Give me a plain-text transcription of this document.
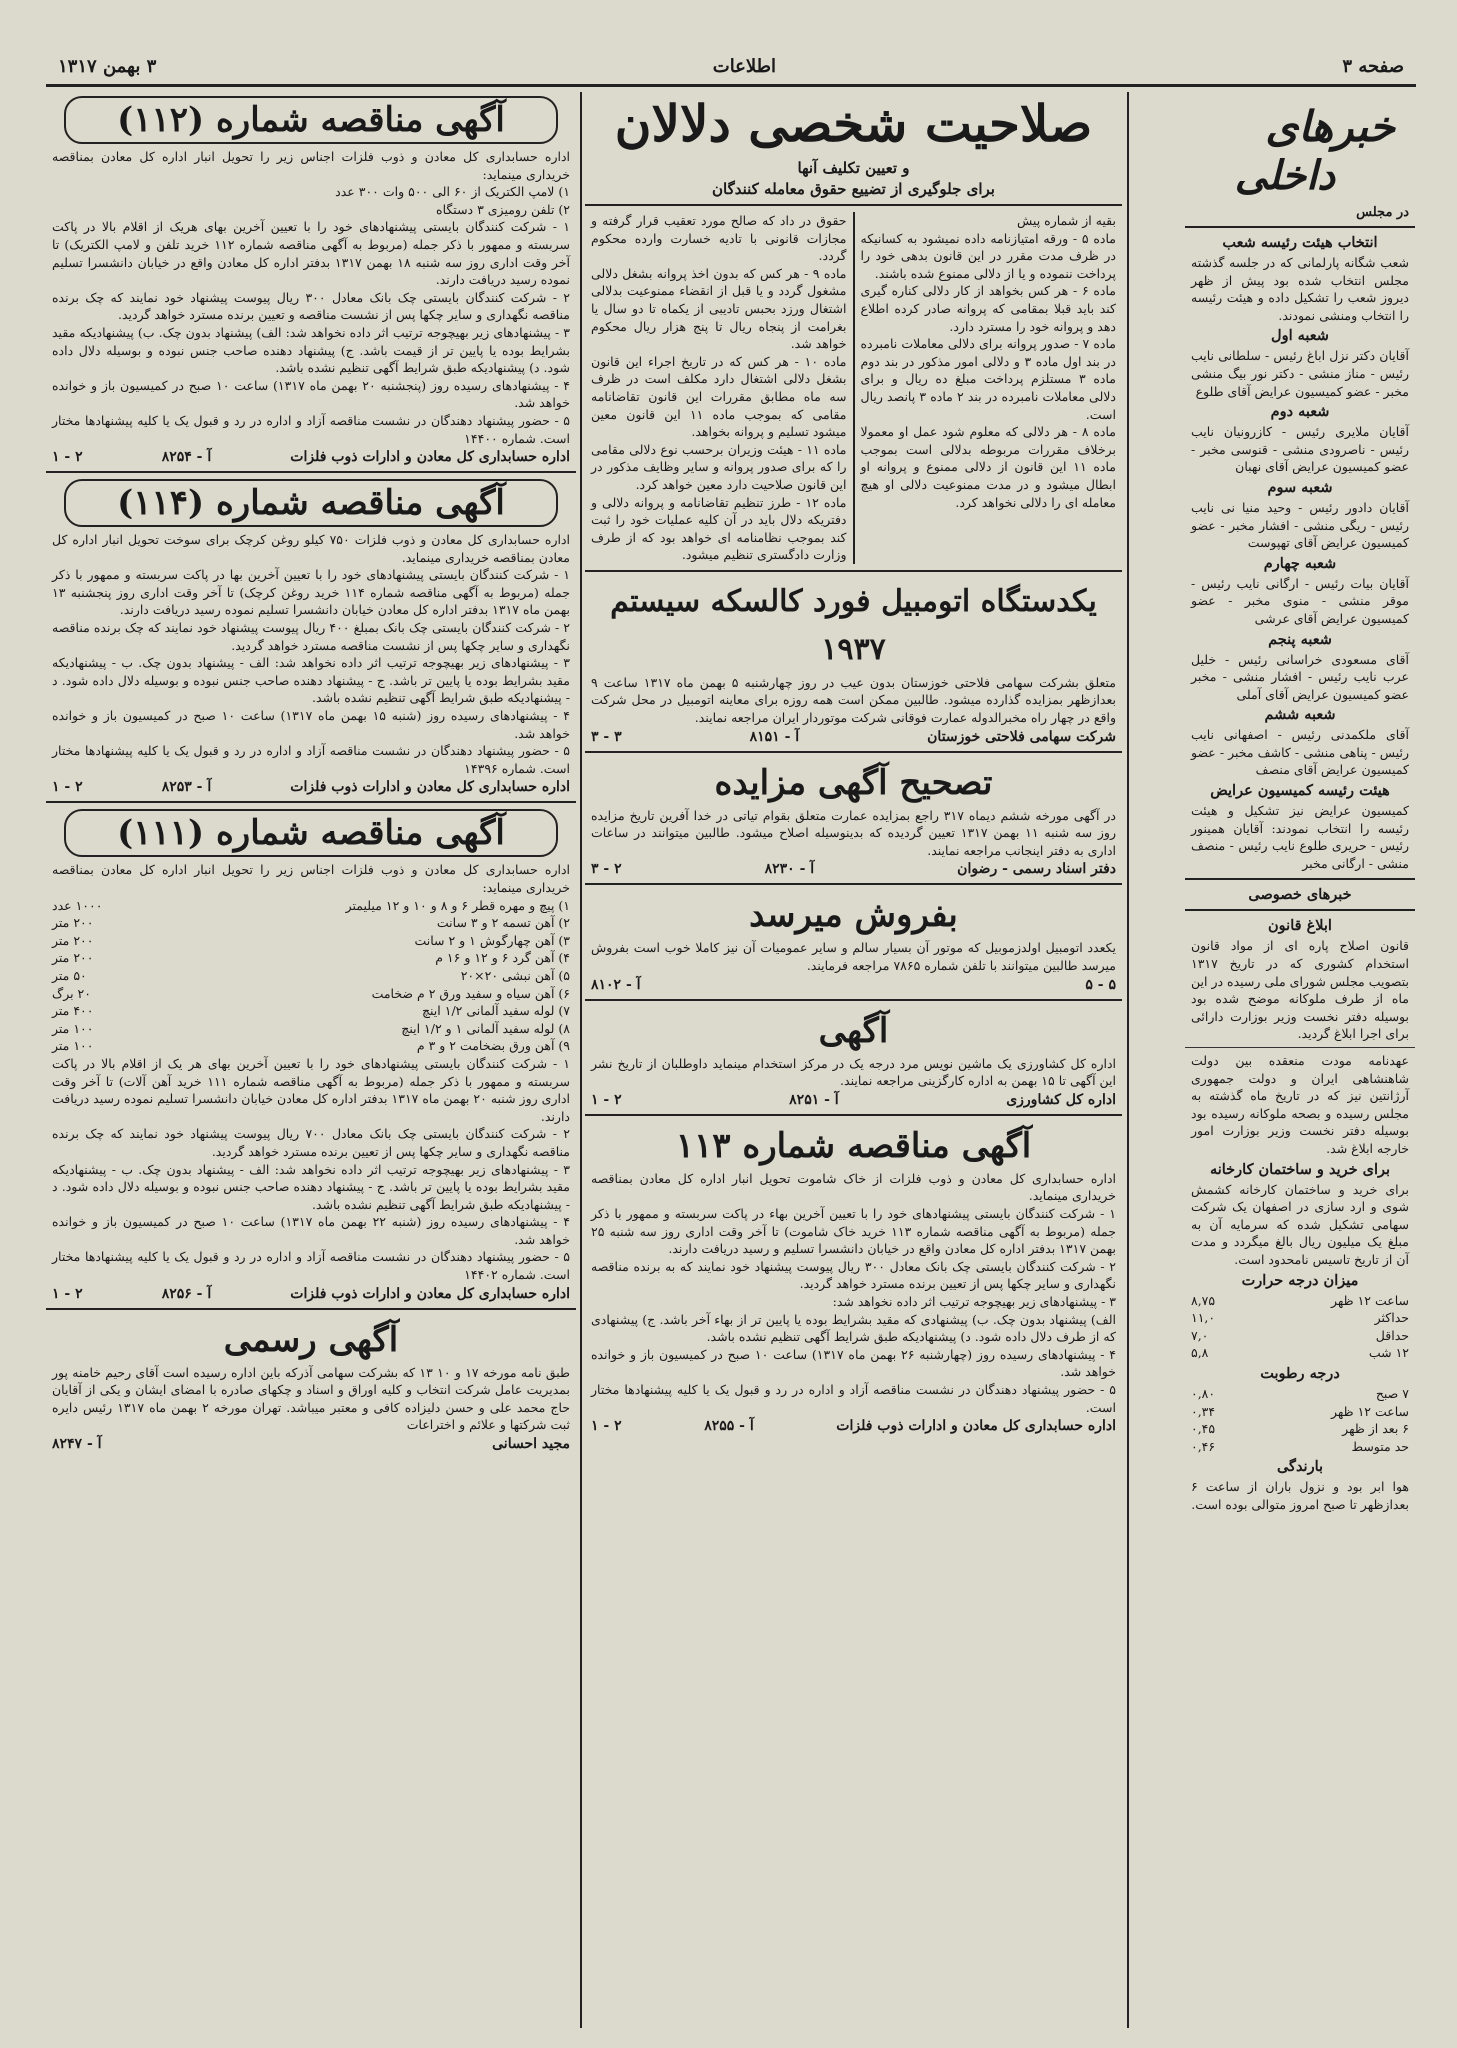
صفحه ۳
اطلاعات
۳ بهمن ۱۳۱۷
خبرهای
داخلی
در مجلس
انتخاب هیئت رئیسه شعب

شعب شگانه پارلمانی که در جلسه گذشته مجلس انتخاب شده بود پیش از ظهر دیروز شعب را تشکیل داده و هیئت رئیسه را انتخاب ومنشی نمودند.

شعبه اول

آقایان دکتر نزل اباغ رئیس - سلطانی نایب رئیس - مناز منشی - دکتر نور بیگ منشی مخبر - عضو کمیسیون عرایض آقای طلوع

شعبه دوم

آقایان ملایری رئیس - کازرونیان نایب رئیس - ناصرودی منشی - قنوسی مخبر - عضو کمیسیون عرایض آقای نهبان

شعبه سوم

آقایان دادور رئیس - وحید منیا نی نایب رئیس - ریگی منشی - افشار مخبر - عضو کمیسیون عرایض آقای تهپوست

شعبه چهارم

آقایان بیات رئیس - ارگانی نایب رئیس - موقر منشی - منوی مخبر - عضو کمیسیون عرایض آقای عرشی

شعبه پنجم

آقای مسعودی خراسانی رئیس - خلیل عرب نایب رئیس - افشار منشی - مخبر عضو کمیسیون عرایض آقای آملی

شعبه ششم

آقای ملکمدنی رئیس - اصفهانی نایب رئیس - پناهی منشی - کاشف مخبر - عضو کمیسیون عرایض آقای منصف

هیئت رئیسه کمیسیون عرایض

کمیسیون عرایض نیز تشکیل و هیئت رئیسه را انتخاب نمودند: آقایان همینور رئیس - حریری طلوع نایب رئیس - منصف منشی - ارگانی مخبر

خبرهای خصوصی
ابلاغ قانون

قانون اصلاح پاره ای از مواد قانون استخدام کشوری که در تاریخ ۱۳۱۷ بتصویب مجلس شورای ملی رسیده در این ماه از طرف ملوکانه موضح شده بود بوسیله دفتر نخست وزیر بوزارت دارائی برای اجرا ابلاغ گردید.

عهدنامه مودت منعقده بین دولت شاهنشاهی ایران و دولت جمهوری آرژانتین نیز که در تاریخ ماه گذشته به مجلس رسیده و بصحه ملوکانه رسیده بود بوسیله دفتر نخست وزیر بوزارت امور خارجه ابلاغ شد.

برای خرید و ساختمان کارخانه

برای خرید و ساختمان کارخانه کشمش شوی و ارد سازی در اصفهان یک شرکت سهامی تشکیل شده که سرمایه آن به مبلغ یک میلیون ریال بالغ میگردد و مدت آن از تاریخ تاسیس نامحدود است.

میزان درجه حرارت
ساعت ۱۲ ظهر
۸,۷۵
حداکثر
۱۱,۰
حداقل
۷,۰
۱۲ شب
۵,۸
درجه رطوبت
۷ صبح
۰,۸۰
ساعت ۱۲ ظهر
۰,۳۴
۶ بعد از ظهر
۰,۴۵
حد متوسط
۰,۴۶
بارندگی

هوا ابر بود و نزول باران از ساعت ۶ بعدازظهر تا صبح امروز متوالی بوده است.

صلاحیت شخصی دلالان
و تعیین تکلیف آنها
برای جلوگیری از تضییع حقوق معامله کنندگان

بقیه از شماره پیش

ماده ۵ - ورقه امتیازنامه داده نمیشود به کسانیکه در ظرف مدت مقرر در این قانون بدهی خود را پرداخت ننموده و یا از دلالی ممنوع شده باشند.

ماده ۶ - هر کس بخواهد از کار دلالی کناره گیری کند باید قبلا بمقامی که پروانه صادر کرده اطلاع دهد و پروانه خود را مسترد دارد.

ماده ۷ - صدور پروانه برای دلالی معاملات نامبرده در بند اول ماده ۳ و دلالی امور مذکور در بند دوم ماده ۳ مستلزم پرداخت مبلغ ده ریال و برای دلالی معاملات نامبرده در بند ۲ ماده ۳ پانصد ریال است.

ماده ۸ - هر دلالی که معلوم شود عمل او معمولا برخلاف مقررات مربوطه بدلالی است بموجب ماده ۱۱ این قانون از دلالی ممنوع و پروانه او ابطال میشود و در مدت ممنوعیت دلالی او هیچ معامله ای را دلالی نخواهد کرد.

حقوق در داد که صالح مورد تعقیب قرار گرفته و مجازات قانونی با تادیه خسارت وارده محکوم گردد.

ماده ۹ - هر کس که بدون اخذ پروانه بشغل دلالی مشغول گردد و یا قبل از انقضاء ممنوعیت بدلالی اشتغال ورزد بحبس تادیبی از یکماه تا دو سال یا بغرامت از پنجاه ریال تا پنج هزار ریال محکوم خواهد شد.

ماده ۱۰ - هر کس که در تاریخ اجراء این قانون بشغل دلالی اشتغال دارد مکلف است در ظرف سه ماه مطابق مقررات این قانون تقاضانامه مقامی که بموجب ماده ۱۱ این قانون معین میشود تسلیم و پروانه بخواهد.

ماده ۱۱ - هیئت وزیران برحسب نوع دلالی مقامی را که برای صدور پروانه و سایر وظایف مذکور در این قانون صلاحیت دارد معین خواهد کرد.

ماده ۱۲ - طرز تنظیم تقاضانامه و پروانه دلالی و دفتریکه دلال باید در آن کلیه عملیات خود را ثبت کند بموجب نظامنامه ای خواهد بود که از طرف وزارت دادگستری تنظیم میشود.

یکدستگاه اتومبیل فورد کالسکه سیستم ۱۹۳۷

متعلق بشرکت سهامی فلاحتی خوزستان بدون عیب در روز چهارشنبه ۵ بهمن ماه ۱۳۱۷ ساعت ۹ بعدازظهر بمزایده گذارده میشود. طالبین ممکن است همه روزه برای معاینه اتومبیل در محل شرکت واقع در چهار راه مخبرالدوله عمارت فوقانی شرکت موتوردار ایران مراجعه نمایند.

شرکت سهامی فلاحتی خوزستان
آ - ۸۱۵۱
۳ - ۳
تصحیح آگهی مزایده

در آگهی مورخه ششم دیماه ۳۱۷ راجع بمزایده عمارت متعلق بقوام تیاتی در خدا آفرین تاریخ مزایده روز سه شنبه ۱۱ بهمن ۱۳۱۷ تعیین گردیده که بدینوسیله اصلاح میشود. طالبین میتوانند در ساعات اداری به دفتر اینجانب مراجعه نمایند.

دفتر اسناد رسمی - رضوان
آ - ۸۲۳۰
۲ - ۳
بفروش میرسد

یکعدد اتومبیل اولدزموبیل که موتور آن بسیار سالم و سایر عمومیات آن نیز کاملا خوب است بفروش میرسد طالبین میتوانند با تلفن شماره ۷۸۶۵ مراجعه فرمایند.

۵ - ۵
آ - ۸۱۰۲
آگهی

اداره کل کشاورزی یک ماشین نویس مرد درجه یک در مرکز استخدام مینماید داوطلبان از تاریخ نشر این آگهی تا ۱۵ بهمن به اداره کارگزینی مراجعه نمایند.

اداره کل کشاورزی
آ - ۸۲۵۱
۲ - ۱
آگهی مناقصه شماره ۱۱۳

اداره حسابداری کل معادن و ذوب فلزات از خاک شاموت تحویل انبار اداره کل معادن بمناقصه خریداری مینماید.

۱ - شرکت کنندگان بایستی پیشنهادهای خود را با تعیین آخرین بهاء در پاکت سربسته و ممهور با ذکر جمله (مربوط به آگهی مناقصه شماره ۱۱۳ خرید خاک شاموت) تا آخر وقت اداری روز سه شنبه ۲۵ بهمن ۱۳۱۷ بدفتر اداره کل معادن واقع در خیابان دانشسرا تسلیم و رسید دریافت دارند.

۲ - شرکت کنندگان بایستی چک بانک معادل ۳۰۰ ریال پیوست پیشنهاد خود نمایند که به برنده مناقصه نگهداری و سایر چکها پس از تعیین برنده مسترد خواهد گردید.

۳ - پیشنهادهای زیر بهیچوجه ترتیب اثر داده نخواهد شد:

الف) پیشنهاد بدون چک. ب) پیشنهادی که مقید بشرایط بوده یا پایین تر از بهاء آخر باشد. ج) پیشنهادی که از طرف دلال داده شود. د) پیشنهادیکه طبق شرایط آگهی تنظیم نشده باشد.

۴ - پیشنهادهای رسیده روز (چهارشنبه ۲۶ بهمن ماه ۱۳۱۷) ساعت ۱۰ صبح در کمیسیون باز و خوانده خواهد شد.

۵ - حضور پیشنهاد دهندگان در نشست مناقصه آزاد و اداره در رد و قبول یک یا کلیه پیشنهادها مختار است.

اداره حسابداری کل معادن و ادارات ذوب فلزات
آ - ۸۲۵۵
۲ - ۱
آگهی مناقصه شماره (۱۱۲)

اداره حسابداری کل معادن و ذوب فلزات اجناس زیر را تحویل انبار اداره کل معادن بمناقصه خریداری مینماید:

۱) لامپ الکتریک از ۶۰ الی ۵۰۰ وات ۳۰۰ عدد

۲) تلفن رومیزی ۳ دستگاه

۱ - شرکت کنندگان بایستی پیشنهادهای خود را با تعیین آخرین بهای هریک از اقلام بالا در پاکت سربسته و ممهور با ذکر جمله (مربوط به آگهی مناقصه شماره ۱۱۲ خرید تلفن و لامپ الکتریک) تا آخر وقت اداری روز سه شنبه ۱۸ بهمن ۱۳۱۷ بدفتر اداره کل معادن واقع در خیابان دانشسرا تسلیم نموده رسید دریافت دارند.

۲ - شرکت کنندگان بایستی چک بانک معادل ۳۰۰ ریال پیوست پیشنهاد خود نمایند که چک برنده مناقصه نگهداری و سایر چکها پس از نشست مناقصه و تعیین برنده مسترد خواهد گردید.

۳ - پیشنهادهای زیر بهیچوجه ترتیب اثر داده نخواهد شد: الف) پیشنهاد بدون چک. ب) پیشنهادیکه مقید بشرایط بوده یا پایین تر از قیمت باشد. ج) پیشنهاد دهنده صاحب جنس نبوده و بوسیله دلال داده شود. د) پیشنهادیکه طبق شرایط آگهی تنظیم نشده باشد.

۴ - پیشنهادهای رسیده روز (پنجشنبه ۲۰ بهمن ماه ۱۳۱۷) ساعت ۱۰ صبح در کمیسیون باز و خوانده خواهد شد.

۵ - حضور پیشنهاد دهندگان در نشست مناقصه آزاد و اداره در رد و قبول یک یا کلیه پیشنهادها مختار است. شماره ۱۴۴۰۰

اداره حسابداری کل معادن و ادارات ذوب فلزات
آ - ۸۲۵۴
۲ - ۱
آگهی مناقصه شماره (۱۱۴)

اداره حسابداری کل معادن و ذوب فلزات ۷۵۰ کیلو روغن کرچک برای سوخت تحویل انبار اداره کل معادن بمناقصه خریداری مینماید.

۱ - شرکت کنندگان بایستی پیشنهادهای خود را با تعیین آخرین بها در پاکت سربسته و ممهور با ذکر جمله (مربوط به آگهی مناقصه شماره ۱۱۴ خرید روغن کرچک) تا آخر وقت اداری روز پنجشنبه ۱۳ بهمن ماه ۱۳۱۷ بدفتر اداره کل معادن خیابان دانشسرا تسلیم نموده رسید دریافت دارند.

۲ - شرکت کنندگان بایستی چک بانک بمبلغ ۴۰۰ ریال پیوست پیشنهاد خود نمایند که چک برنده مناقصه نگهداری و سایر چکها پس از نشست مناقصه مسترد خواهد گردید.

۳ - پیشنهادهای زیر بهیچوجه ترتیب اثر داده نخواهد شد: الف - پیشنهاد بدون چک. ب - پیشنهادیکه مقید بشرایط بوده یا پایین تر باشد. ج - پیشنهاد دهنده صاحب جنس نبوده و بوسیله دلال داده شود. د - پیشنهادیکه طبق شرایط آگهی تنظیم نشده باشد.

۴ - پیشنهادهای رسیده روز (شنبه ۱۵ بهمن ماه ۱۳۱۷) ساعت ۱۰ صبح در کمیسیون باز و خوانده خواهد شد.

۵ - حضور پیشنهاد دهندگان در نشست مناقصه آزاد و اداره در رد و قبول یک یا کلیه پیشنهادها مختار است. شماره ۱۴۳۹۶

اداره حسابداری کل معادن و ادارات ذوب فلزات
آ - ۸۲۵۳
۲ - ۱
آگهی مناقصه شماره (۱۱۱)

اداره حسابداری کل معادن و ذوب فلزات اجناس زیر را تحویل انبار اداره کل معادن بمناقصه خریداری مینماید:

۱) پیچ و مهره قطر ۶ و ۸ و ۱۰ و ۱۲ میلیمتر
۱۰۰۰ عدد
۲) آهن تسمه ۲ و ۳ سانت
۲۰۰ متر
۳) آهن چهارگوش ۱ و ۲ سانت
۲۰۰ متر
۴) آهن گرد ۶ و ۱۲ و ۱۶ م
۲۰۰ متر
۵) آهن نبشی ۲۰×۲۰
۵۰ متر
۶) آهن سیاه و سفید ورق ۲ م ضخامت
۲۰ برگ
۷) لوله سفید آلمانی ۱/۲ اینچ
۴۰۰ متر
۸) لوله سفید آلمانی ۱ و ۱/۲ اینچ
۱۰۰ متر
۹) آهن ورق بضخامت ۲ و ۳ م
۱۰۰ متر

۱ - شرکت کنندگان بایستی پیشنهادهای خود را با تعیین آخرین بهای هر یک از اقلام بالا در پاکت سربسته و ممهور با ذکر جمله (مربوط به آگهی مناقصه شماره ۱۱۱ خرید آهن آلات) تا آخر وقت اداری روز شنبه ۲۰ بهمن ماه ۱۳۱۷ بدفتر اداره کل معادن خیابان دانشسرا تسلیم نموده رسید دریافت دارند.

۲ - شرکت کنندگان بایستی چک بانک معادل ۷۰۰ ریال پیوست پیشنهاد خود نمایند که چک برنده مناقصه نگهداری و سایر چکها پس از تعیین برنده مسترد خواهد گردید.

۳ - پیشنهادهای زیر بهیچوجه ترتیب اثر داده نخواهد شد: الف - پیشنهاد بدون چک. ب - پیشنهادیکه مقید بشرایط بوده یا پایین تر باشد. ج - پیشنهاد دهنده صاحب جنس نبوده و بوسیله دلال داده شود. د - پیشنهادیکه طبق شرایط آگهی تنظیم نشده باشد.

۴ - پیشنهادهای رسیده روز (شنبه ۲۲ بهمن ماه ۱۳۱۷) ساعت ۱۰ صبح در کمیسیون باز و خوانده خواهد شد.

۵ - حضور پیشنهاد دهندگان در نشست مناقصه آزاد و اداره در رد و قبول یک یا کلیه پیشنهادها مختار است. شماره ۱۴۴۰۲

اداره حسابداری کل معادن و ادارات ذوب فلزات
آ - ۸۲۵۶
۲ - ۱
آگهی رسمی

طبق نامه مورخه ۱۷ و ۱۰ ۱۳ که بشرکت سهامی آذرکه باین اداره رسیده است آقای رحیم خامنه پور بمدیریت عامل شرکت انتخاب و کلیه اوراق و اسناد و چکهای صادره با امضای ایشان و یکی از آقایان حاج محمد علی و حسن دلیزاده کافی و معتبر میباشد. تهران مورخه ۲ بهمن ماه ۱۳۱۷ رئیس دایره ثبت شرکتها و علائم و اختراعات

مجید احسانی
آ - ۸۲۴۷
